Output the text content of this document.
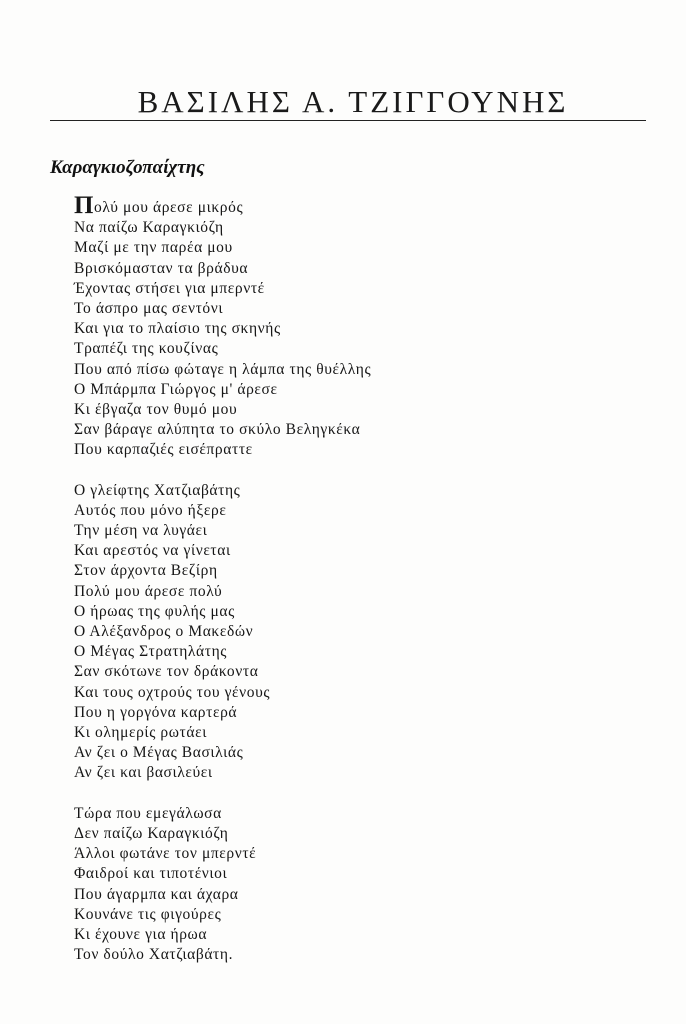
ΒΑΣΙΛΗΣ Α. ΤΖΙΓΓΟΥΝΗΣ
Καραγκιοζοπαίχτης
Πολύ μου άρεσε μικρός
Να παίζω Καραγκιόζη
Μαζί με την παρέα μου
Βρισκόμασταν τα βράδυα
Έχοντας στήσει για μπερντέ
Το άσπρο μας σεντόνι
Και για το πλαίσιο της σκηνής
Τραπέζι της κουζίνας
Που από πίσω φώταγε η λάμπα της θυέλλης
Ο Μπάρμπα Γιώργος μ' άρεσε
Κι έβγαζα τον θυμό μου
Σαν βάραγε αλύπητα το σκύλο Βεληγκέκα
Που καρπαζιές εισέπραττε
Ο γλείφτης Χατζιαβάτης
Αυτός που μόνο ήξερε
Την μέση να λυγάει
Και αρεστός να γίνεται
Στον άρχοντα Βεζίρη
Πολύ μου άρεσε πολύ
Ο ήρωας της φυλής μας
Ο Αλέξανδρος ο Μακεδών
Ο Μέγας Στρατηλάτης
Σαν σκότωνε τον δράκοντα
Και τους οχτρούς του γένους
Που η γοργόνα καρτερά
Κι ολημερίς ρωτάει
Αν ζει ο Μέγας Βασιλιάς
Αν ζει και βασιλεύει
Τώρα που εμεγάλωσα
Δεν παίζω Καραγκιόζη
Άλλοι φωτάνε τον μπερντέ
Φαιδροί και τιποτένιοι
Που άγαρμπα και άχαρα
Κουνάνε τις φιγούρες
Κι έχουνε για ήρωα
Τον δούλο Χατζιαβάτη.
